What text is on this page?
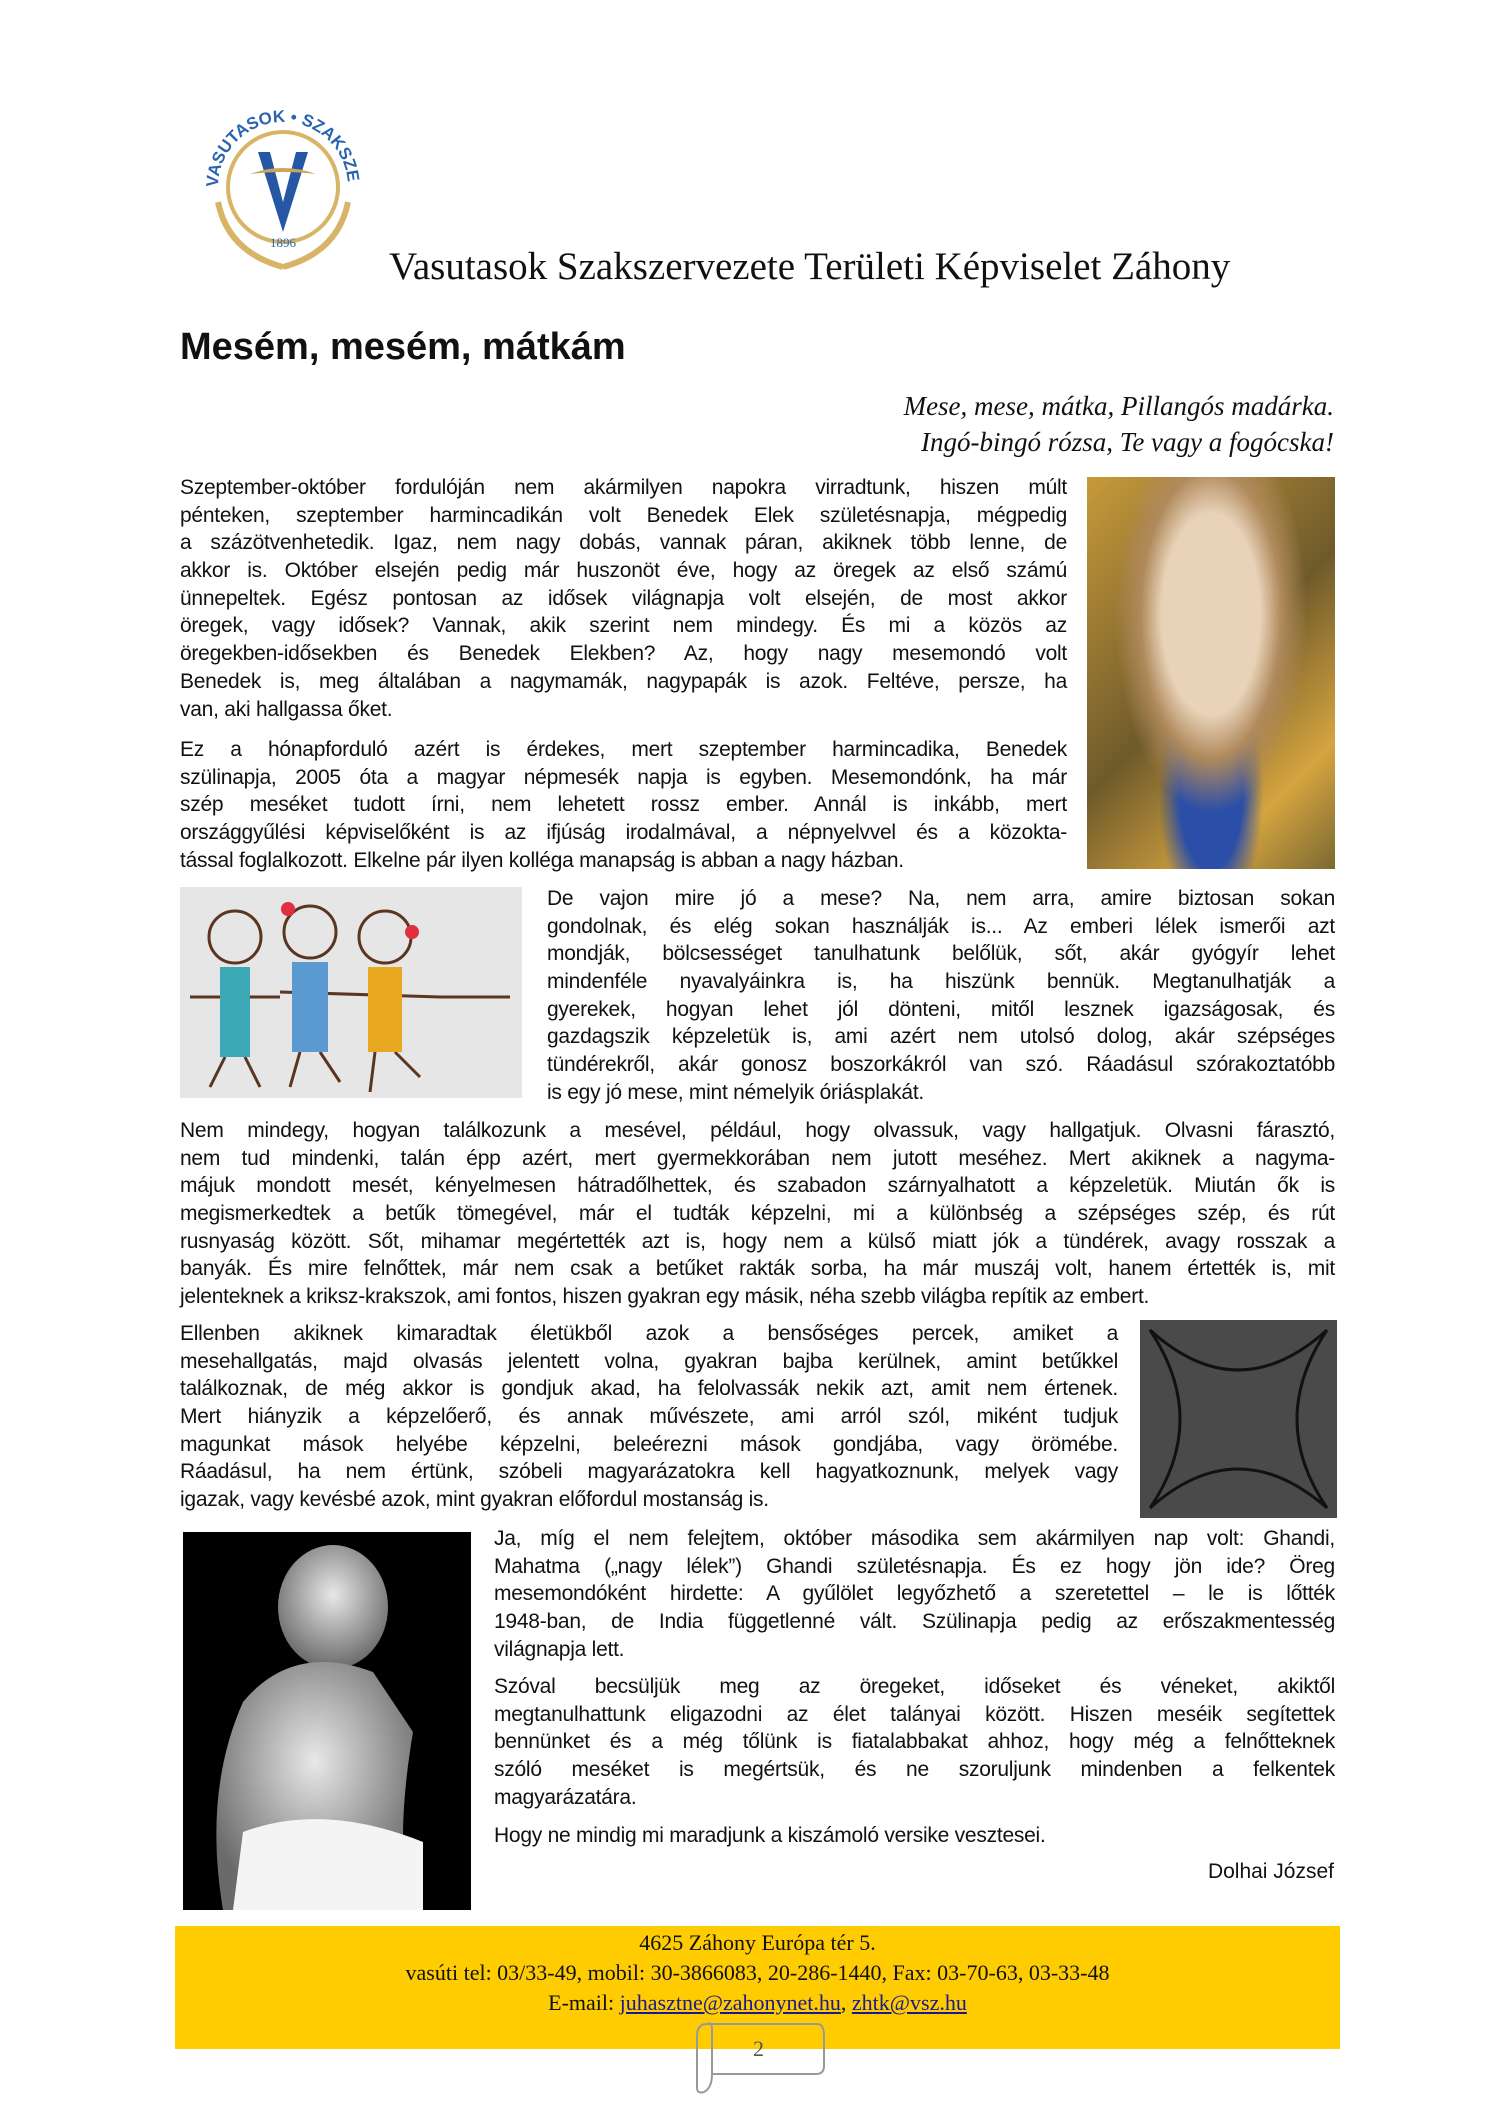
VASUTASOK • SZAKSZE
1896
Vasutasok Szakszervezete Területi Képviselet Záhony
Mesém, mesém, mátkám
Mese, mese, mátka, Pillangós madárka.
Ingó-bingó rózsa, Te vagy a fogócska!
Szeptember-október fordulóján nem akármilyen napokra virradtunk, hiszen múlt
pénteken, szeptember harmincadikán volt Benedek Elek születésnapja, mégpedig
a százötvenhetedik. Igaz, nem nagy dobás, vannak páran, akiknek több lenne, de
akkor is. Október elsején pedig már huszonöt éve, hogy az öregek az első számú
ünnepeltek. Egész pontosan az idősek világnapja volt elsején, de most akkor
öregek, vagy idősek? Vannak, akik szerint nem mindegy. És mi a közös az
öregekben-idősekben és Benedek Elekben? Az, hogy nagy mesemondó volt
Benedek is, meg általában a nagymamák, nagypapák is azok. Feltéve, persze, ha
van, aki hallgassa őket.
Ez a hónapforduló azért is érdekes, mert szeptember harmincadika, Benedek
szülinapja, 2005 óta a magyar népmesék napja is egyben. Mesemondónk, ha már
szép meséket tudott írni, nem lehetett rossz ember. Annál is inkább, mert
országgyűlési képviselőként is az ifjúság irodalmával, a népnyelvvel és a közokta-
tással foglalkozott. Elkelne pár ilyen kolléga manapság is abban a nagy házban.
De vajon mire jó a mese? Na, nem arra, amire biztosan sokan
gondolnak, és elég sokan használják is... Az emberi lélek ismerői azt
mondják, bölcsességet tanulhatunk belőlük, sőt, akár gyógyír lehet
mindenféle nyavalyáinkra is, ha hiszünk bennük. Megtanulhatják a
gyerekek, hogyan lehet jól dönteni, mitől lesznek igazságosak, és
gazdagszik képzeletük is, ami azért nem utolsó dolog, akár szépséges
tündérekről, akár gonosz boszorkákról van szó. Ráadásul szórakoztatóbb
is egy jó mese, mint némelyik óriásplakát.
Nem mindegy, hogyan találkozunk a mesével, például, hogy olvassuk, vagy hallgatjuk. Olvasni fárasztó,
nem tud mindenki, talán épp azért, mert gyermekkorában nem jutott meséhez. Mert akiknek a nagyma-
májuk mondott mesét, kényelmesen hátradőlhettek, és szabadon szárnyalhatott a képzeletük. Miután ők is
megismerkedtek a betűk tömegével, már el tudták képzelni, mi a különbség a szépséges szép, és rút
rusnyaság között. Sőt, mihamar megértették azt is, hogy nem a külső miatt jók a tündérek, avagy rosszak a
banyák. És mire felnőttek, már nem csak a betűket rakták sorba, ha már muszáj volt, hanem értették is, mit
jelenteknek a kriksz-krakszok, ami fontos, hiszen gyakran egy másik, néha szebb világba repítik az embert.
Ellenben akiknek kimaradtak életükből azok a bensőséges percek, amiket a
mesehallgatás, majd olvasás jelentett volna, gyakran bajba kerülnek, amint betűkkel
találkoznak, de még akkor is gondjuk akad, ha felolvassák nekik azt, amit nem értenek.
Mert hiányzik a képzelőerő, és annak művészete, ami arról szól, miként tudjuk
magunkat mások helyébe képzelni, beleérezni mások gondjába, vagy örömébe.
Ráadásul, ha nem értünk, szóbeli magyarázatokra kell hagyatkoznunk, melyek vagy
igazak, vagy kevésbé azok, mint gyakran előfordul mostanság is.
Ja, míg el nem felejtem, október másodika sem akármilyen nap volt: Ghandi,
Mahatma („nagy lélek”) Ghandi születésnapja. És ez hogy jön ide? Öreg
mesemondóként hirdette: A gyűlölet legyőzhető a szeretettel – le is lőtték
1948-ban, de India függetlenné vált. Szülinapja pedig az erőszakmentesség
világnapja lett.
Szóval becsüljük meg az öregeket, időseket és véneket, akiktől
megtanulhattunk eligazodni az élet talányai között. Hiszen meséik segítettek
bennünket és a még tőlünk is fiatalabbakat ahhoz, hogy még a felnőtteknek
szóló meséket is megértsük, és ne szoruljunk mindenben a felkentek
magyarázatára.
Hogy ne mindig mi maradjunk a kiszámoló versike vesztesei.
Dolhai József
4625 Záhony Európa tér 5.
vasúti tel: 03/33-49, mobil: 30-3866083, 20-286-1440, Fax: 03-70-63, 03-33-48
E-mail: juhasztne@zahonynet.hu, zhtk@vsz.hu
2
